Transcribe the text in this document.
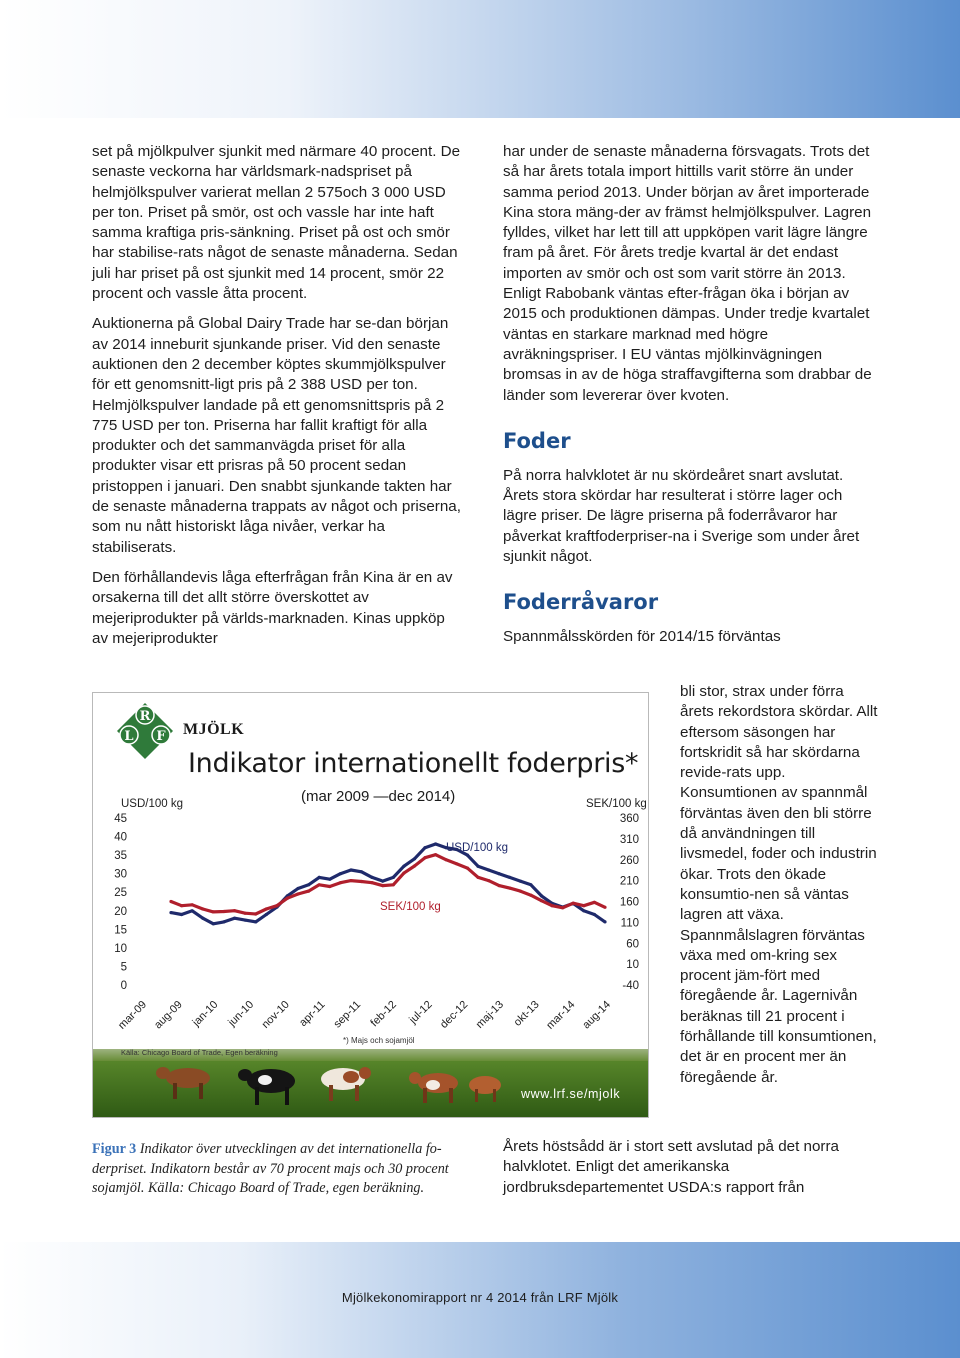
set på mjölkpulver sjunkit med närmare 40 procent. De senaste veckorna har världsmark-nadspriset på helmjölkspulver varierat mellan 2 575och 3 000 USD per ton. Priset på smör, ost och vassle har inte haft samma kraftiga pris-sänkning. Priset på ost och smör har stabilise-rats något de senaste månaderna. Sedan juli har priset på ost sjunkit med 14 procent, smör 22 procent och vassle åtta procent.

Auktionerna på Global Dairy Trade har se-dan början av 2014 inneburit sjunkande priser. Vid den senaste auktionen den 2 december köptes skummjölkspulver för ett genomsnitt-ligt pris på 2 388 USD per ton. Helmjölkspulver landade på ett genomsnittspris på 2 775 USD per ton. Priserna har fallit kraftigt för alla produkter och det sammanvägda priset för alla produkter visar ett prisras på 50 procent sedan pristoppen i januari. Den snabbt sjunkande takten har de senaste månaderna trappats av något och priserna, som nu nått historiskt låga nivåer, verkar ha stabiliserats.

Den förhållandevis låga efterfrågan från Kina är en av orsakerna till det allt större överskottet av mejeriprodukter på världs-marknaden. Kinas uppköp av mejeriprodukter

har under de senaste månaderna försvagats. Trots det så har årets totala import hittills varit större än under samma period 2013. Under början av året importerade Kina stora mäng-der av främst helmjölkspulver. Lagren fylldes, vilket har lett till att uppköpen varit lägre längre fram på året. För årets tredje kvartal är det endast importen av smör och ost som varit större än 2013. Enligt Rabobank väntas efter-frågan öka i början av 2015 och produktionen dämpas. Under tredje kvartalet väntas en starkare marknad med högre avräkningspriser. I EU väntas mjölkinvägningen bromsas in av de höga straffavgifterna som drabbar de länder som levererar över kvoten.

Foder

På norra halvklotet är nu skördeåret snart avslutat. Årets stora skördar har resulterat i större lager och lägre priser. De lägre priserna på foderråvaror har påverkat kraftfoderpriser-na i Sverige som under året sjunkit något.

Foderråvaror

Spannmålsskörden för 2014/15 förväntas

bli stor, strax under förra årets rekordstora skördar. Allt eftersom säsongen har fortskridit så har skördarna revide-rats upp. Konsumtionen av spannmål förväntas även den bli större då användningen till livsmedel, foder och industrin ökar. Trots den ökade konsumtio-nen så väntas lagren att växa. Spannmålslagren förväntas växa med om-kring sex procent jäm-fört med föregående år. Lagernivån beräknas till 21 procent i förhållande till konsumtionen, det är en procent mer än föregående år.

Årets höstsådd är i stort sett avslutad på det norra halvklotet. Enligt det amerikanska jordbruksdepartementet USDA:s rapport från

R
L F
45
40
35
30
25
20
15
10
5
0
360
310
260
210
160
110
60
10
-40
mar-09 aug-09 jan-10 jun-10 nov-10 apr-11 sep-11 feb-12 jul-12 dec-12 maj-13 okt-13 mar-14 aug-14
USD/100 kg	SEK/100 kg
USD/100 kg
SEK/100 kg
*) Majs och sojamjöl
Källa: Chicago Board of Trade, Egen beräkning
MJÖLK
Indikator internationellt foderpris*
(mar 2009 —dec 2014)
www.lrf.se/mjolk
Figur 3 Indikator över utvecklingen av det internationella fo-derpriset. Indikatorn består av 70 procent majs och 30 procent sojamjöl. Källa: Chicago Board of Trade, egen beräkning.
Mjölkekonomirapport nr 4 2014 från LRF Mjölk
